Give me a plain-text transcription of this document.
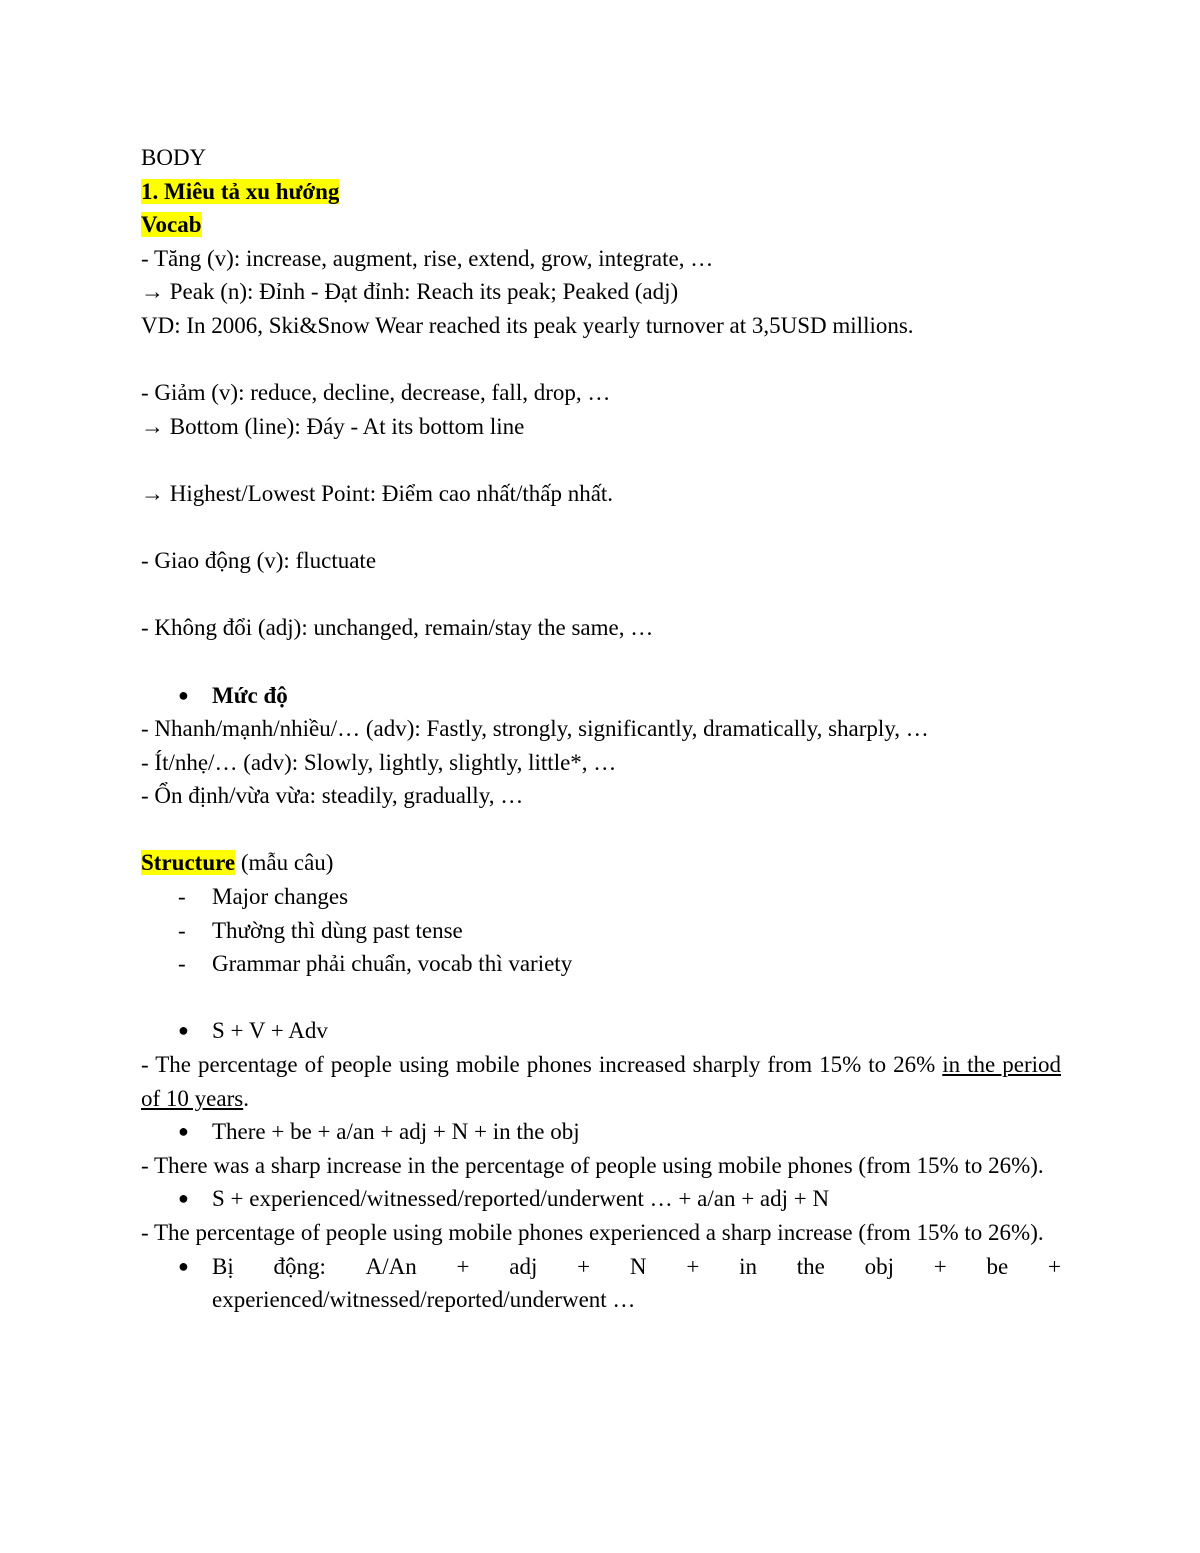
BODY
1. Miêu tả xu hướng
Vocab
- Tăng (v): increase, augment, rise, extend, grow, integrate, …
→ Peak (n): Đỉnh - Đạt đỉnh: Reach its peak; Peaked (adj)
VD: In 2006, Ski&Snow Wear reached its peak yearly turnover at 3,5USD millions.
- Giảm (v): reduce, decline, decrease, fall, drop, …
→ Bottom (line): Đáy - At its bottom line
→ Highest/Lowest Point: Điểm cao nhất/thấp nhất.
- Giao động (v): fluctuate
- Không đổi (adj): unchanged, remain/stay the same, …
● Mức độ
- Nhanh/mạnh/nhiều/… (adv): Fastly, strongly, significantly, dramatically, sharply, …
- Ít/nhẹ/… (adv): Slowly, lightly, slightly, little*, …
- Ổn định/vừa vừa: steadily, gradually, …
Structure (mẫu câu)
- Major changes
- Thường thì dùng past tense
- Grammar phải chuẩn, vocab thì variety
● S + V + Adv
- The percentage of people using mobile phones increased sharply from 15% to 26% in the period of 10 years.
● There + be + a/an + adj + N + in the obj
- There was a sharp increase in the percentage of people using mobile phones (from 15% to 26%).
● S + experienced/witnessed/reported/underwent … + a/an + adj + N
- The percentage of people using mobile phones experienced a sharp increase (from 15% to 26%).
● Bị động: A/An + adj + N + in the obj + be +
experienced/witnessed/reported/underwent …
